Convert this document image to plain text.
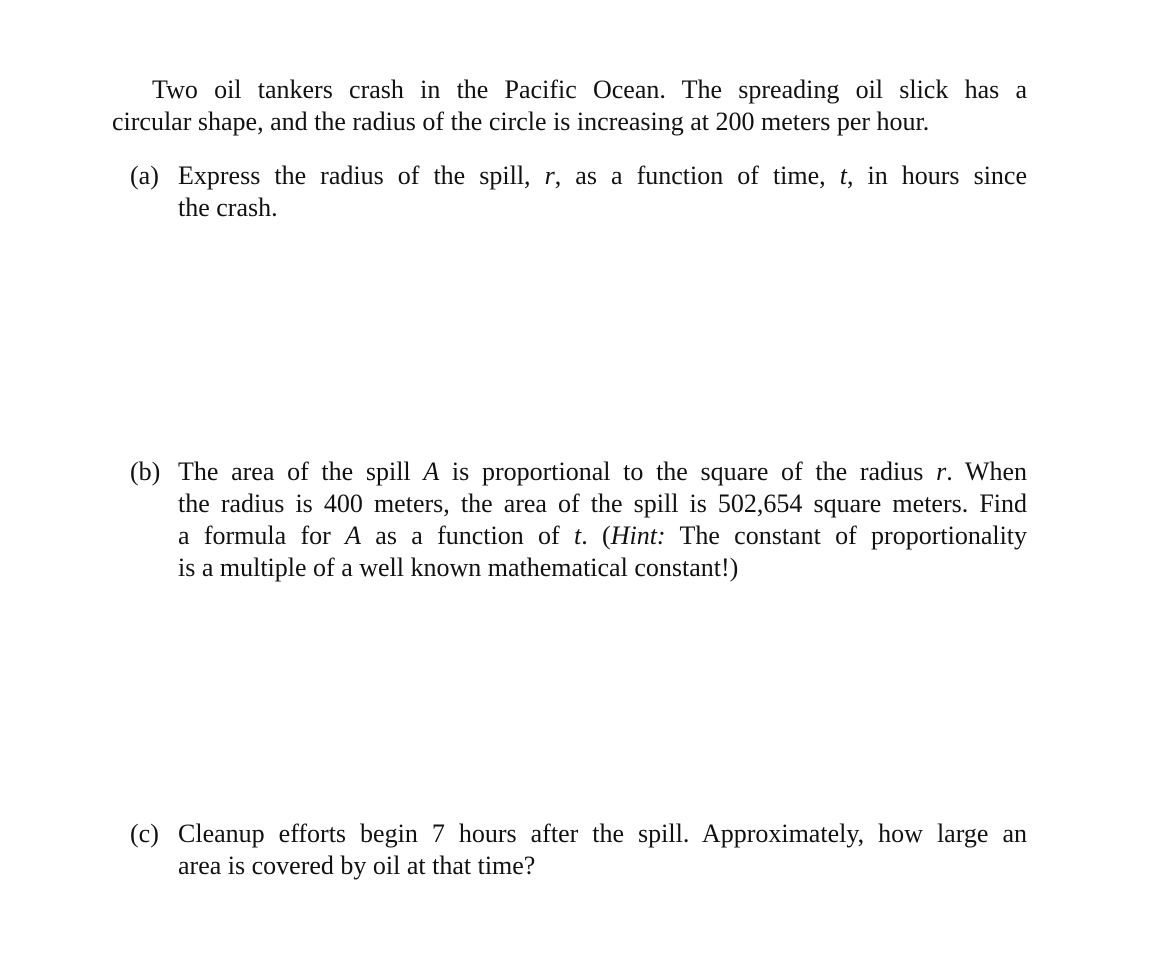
Two oil tankers crash in the Pacific Ocean. The spreading oil slick has a
circular shape, and the radius of the circle is increasing at 200 meters per hour.
(a) Express the radius of the spill, r, as a function of time, t, in hours since
the crash.
(b) The area of the spill A is proportional to the square of the radius r. When
the radius is 400 meters, the area of the spill is 502,654 square meters. Find
a formula for A as a function of t. (Hint: The constant of proportionality
is a multiple of a well known mathematical constant!)
(c) Cleanup efforts begin 7 hours after the spill. Approximately, how large an
area is covered by oil at that time?
